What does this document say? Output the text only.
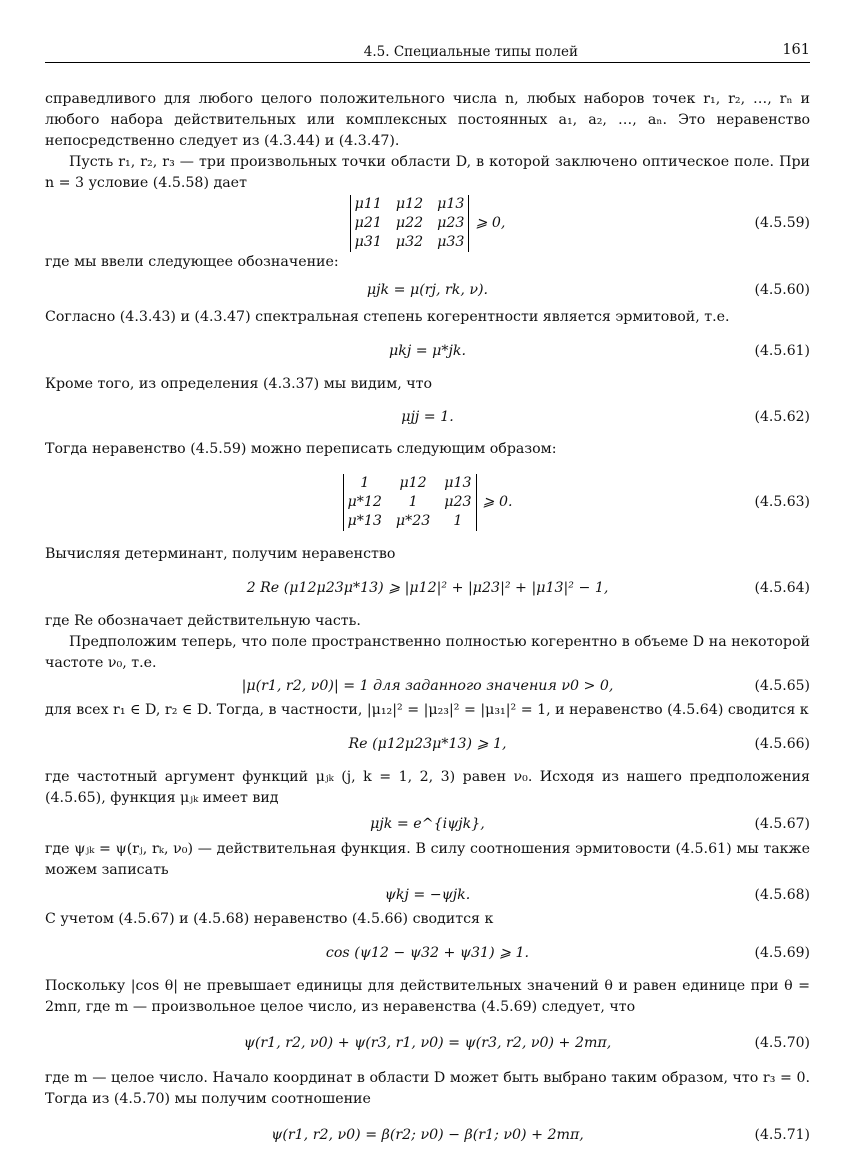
4.5. Специальные типы полей	161

справедливого для любого целого положительного числа n, любых наборов точек r₁, r₂, …, rₙ и любого набора действительных или комплексных постоянных a₁, a₂, …, aₙ. Это неравенство непосредственно следует из (4.3.44) и (4.3.47).

Пусть r₁, r₂, r₃ — три произвольных точки области D, в которой заключено оптическое поле. При n = 3 условие (4.5.58) дает

μ11 μ12 μ13
μ21 μ22 μ23
μ31 μ32 μ33
⩾ 0,	(4.5.59)

где мы ввели следующее обозначение:

μjk = μ(rj, rk, ν).	(4.5.60)

Согласно (4.3.43) и (4.3.47) спектральная степень когерентности является эрмитовой, т.е.

μkj = μ*jk.	(4.5.61)

Кроме того, из определения (4.3.37) мы видим, что

μjj = 1.	(4.5.62)

Тогда неравенство (4.5.59) можно переписать следующим образом:

1	μ12 μ13
μ*12	1	μ23
μ*13 μ*23	1
⩾ 0.	(4.5.63)

Вычисляя детерминант, получим неравенство

2 Re (μ12μ23μ*13) ⩾ |μ12|² + |μ23|² + |μ13|² − 1,	(4.5.64)

где Re обозначает действительную часть.

Предположим теперь, что поле пространственно полностью когерентно в объеме D на некоторой частоте ν₀, т.е.

|μ(r1, r2, ν0)| = 1 для заданного значения ν0 > 0,	(4.5.65)

для всех r₁ ∈ D, r₂ ∈ D. Тогда, в частности, |μ₁₂|² = |μ₂₃|² = |μ₃₁|² = 1, и неравенство (4.5.64) сводится к

Re (μ12μ23μ*13) ⩾ 1,	(4.5.66)

где частотный аргумент функций μⱼₖ (j, k = 1, 2, 3) равен ν₀. Исходя из нашего предположения (4.5.65), функция μⱼₖ имеет вид

μjk = e^{iψjk},	(4.5.67)

где ψⱼₖ = ψ(rⱼ, rₖ, ν₀) — действительная функция. В силу соотношения эрмитовости (4.5.61) мы также можем записать

ψkj = −ψjk.	(4.5.68)

С учетом (4.5.67) и (4.5.68) неравенство (4.5.66) сводится к

cos (ψ12 − ψ32 + ψ31) ⩾ 1.	(4.5.69)

Поскольку |cos θ| не превышает единицы для действительных значений θ и равен единице при θ = 2mπ, где m — произвольное целое число, из неравенства (4.5.69) следует, что

ψ(r1, r2, ν0) + ψ(r3, r1, ν0) = ψ(r3, r2, ν0) + 2mπ,	(4.5.70)

где m — целое число. Начало координат в области D может быть выбрано таким образом, что r₃ = 0. Тогда из (4.5.70) мы получим соотношение

ψ(r1, r2, ν0) = β(r2; ν0) − β(r1; ν0) + 2mπ,	(4.5.71)
